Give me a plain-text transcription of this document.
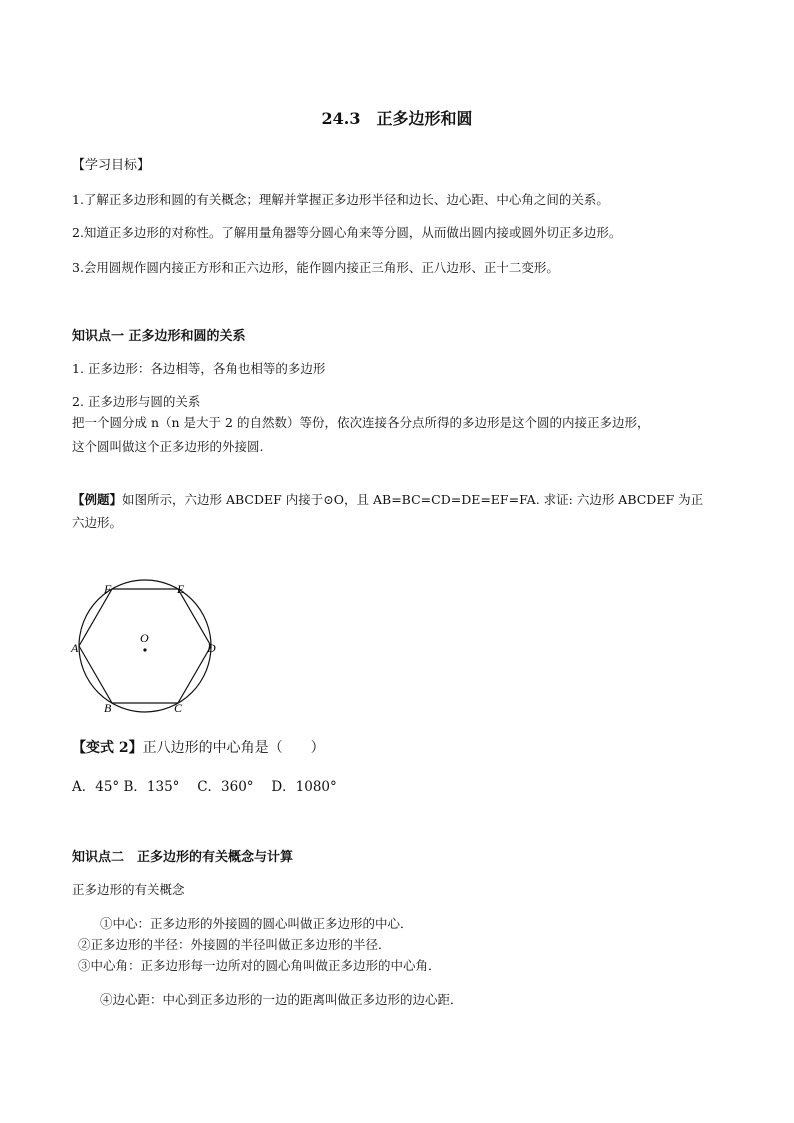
24.3　正多边形和圆
【学习目标】
1.了解正多边形和圆的有关概念；理解并掌握正多边形半径和边长、边心距、中心角之间的关系。
2.知道正多边形的对称性。了解用量角器等分圆心角来等分圆，从而做出圆内接或圆外切正多边形。
3.会用圆规作圆内接正方形和正六边形，能作圆内接正三角形、正八边形、正十二变形。
知识点一 正多边形和圆的关系
1. 正多边形：各边相等，各角也相等的多边形
2. 正多边形与圆的关系
把一个圆分成 n（n 是大于 2 的自然数）等份，依次连接各分点所得的多边形是这个圆的内接正多边形，
这个圆叫做这个正多边形的外接圆.
【例题】如图所示，六边形 ABCDEF 内接于⊙O，且 AB=BC=CD=DE=EF=FA. 求证: 六边形 ABCDEF 为正
六边形。
A
B	C
D
E
F
O
【变式 2】正八边形的中心角是（　　）
A．45° B．135°　 C．360°　 D．1080°
知识点二　正多边形的有关概念与计算
正多边形的有关概念
①中心：正多边形的外接圆的圆心叫做正多边形的中心．
②正多边形的半径：外接圆的半径叫做正多边形的半径．
③中心角：正多边形每一边所对的圆心角叫做正多边形的中心角．
④边心距：中心到正多边形的一边的距离叫做正多边形的边心距．
